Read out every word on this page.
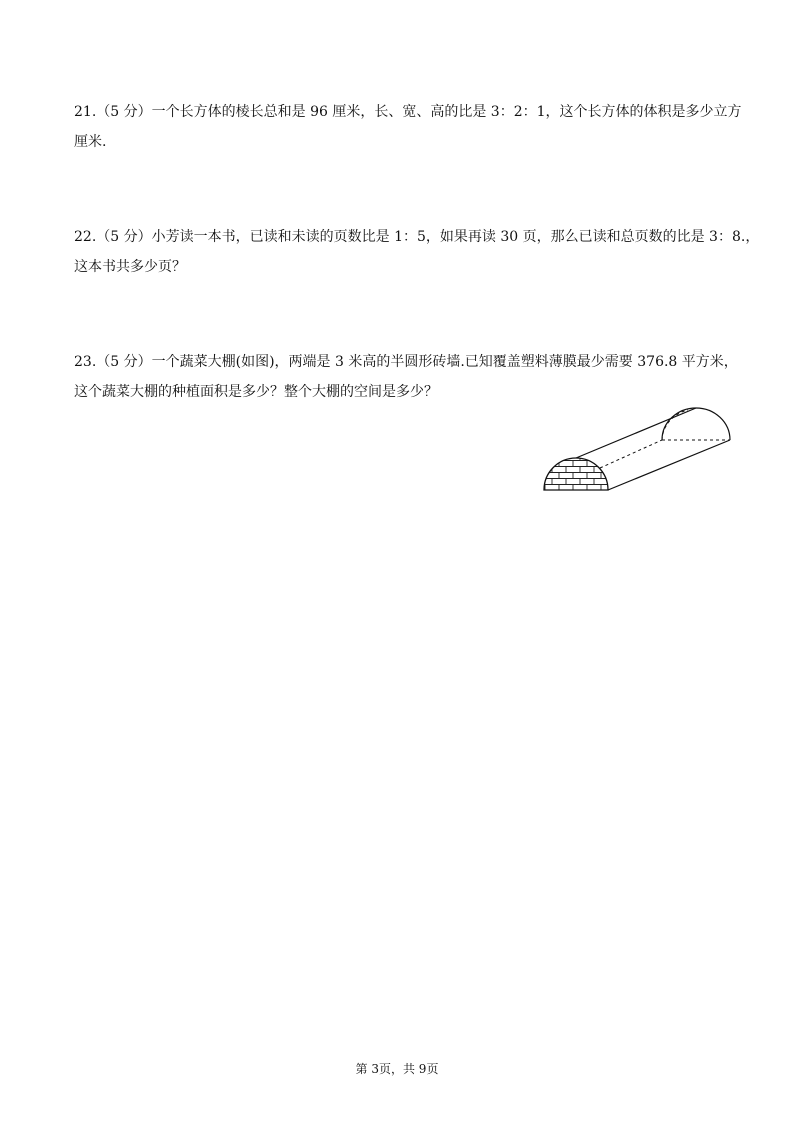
21.（5 分）一个长方体的棱长总和是 96 厘米，长、宽、高的比是 3：2：1，这个长方体的体积是多少立方

厘米.

22.（5 分）小芳读一本书，已读和未读的页数比是 1：5，如果再读 30 页，那么已读和总页数的比是 3：8.，

这本书共多少页？

23.（5 分）一个蔬菜大棚(如图)，两端是 3 米高的半圆形砖墙.已知覆盖塑料薄膜最少需要 376.8 平方米，

这个蔬菜大棚的种植面积是多少？整个大棚的空间是多少？

第 3页，共 9页
